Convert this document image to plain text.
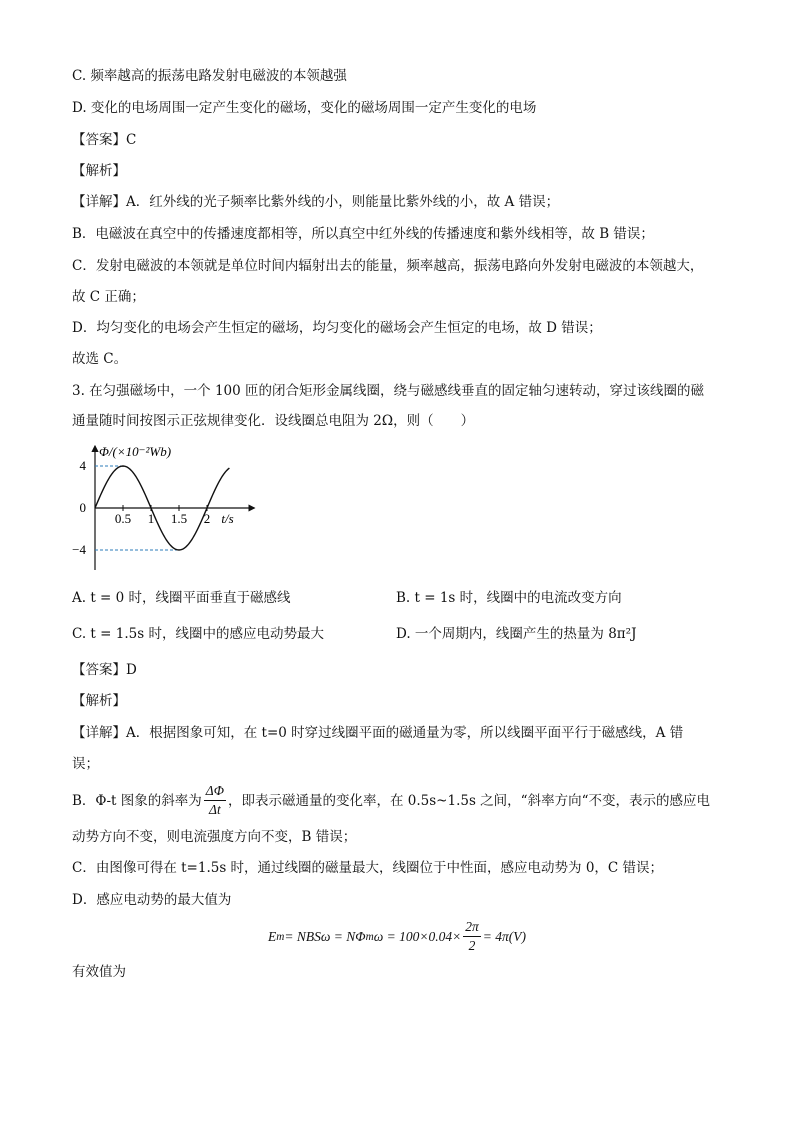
C. 频率越高的振荡电路发射电磁波的本领越强
D. 变化的电场周围一定产生变化的磁场，变化的磁场周围一定产生变化的电场
【答案】C
【解析】
【详解】A．红外线的光子频率比紫外线的小，则能量比紫外线的小，故 A 错误；
B．电磁波在真空中的传播速度都相等，所以真空中红外线的传播速度和紫外线相等，故 B 错误；
C．发射电磁波的本领就是单位时间内辐射出去的能量，频率越高，振荡电路向外发射电磁波的本领越大，
故 C 正确；
D．均匀变化的电场会产生恒定的磁场，均匀变化的磁场会产生恒定的电场，故 D 错误；
故选 C。
3. 在匀强磁场中，一个 100 匝的闭合矩形金属线圈，绕与磁感线垂直的固定轴匀速转动，穿过该线圈的磁
通量随时间按图示正弦规律变化．设线圈总电阻为 2Ω，则（　　）
0.5 1 1.5 2
4
0
−4
Φ/(×10⁻²Wb)
t/s
A. t = 0 时，线圈平面垂直于磁感线	B. t = 1s 时，线圈中的电流改变方向
C. t = 1.5s 时，线圈中的感应电动势最大	D. 一个周期内，线圈产生的热量为 8π²J
【答案】D
【解析】
【详解】A．根据图象可知，在 t=0 时穿过线圈平面的磁通量为零，所以线圈平面平行于磁感线，A 错
误；
B．Φ-t 图象的斜率为 $\frac{\Delta\Phi}{\Delta t}$ ，即表示磁通量的变化率，在 0.5s~1.5s 之间，“斜率方向“不变，表示的感应电
动势方向不变，则电流强度方向不变，B 错误；
C．由图像可得在 t=1.5s 时，通过线圈的磁量最大，线圈位于中性面，感应电动势为 0，C 错误；
D．感应电动势的最大值为
E m = NBSω = NΦ m $\omega = 100\times 0.04\times \frac{2\pi}{2} = 4\pi(V)$
有效值为
